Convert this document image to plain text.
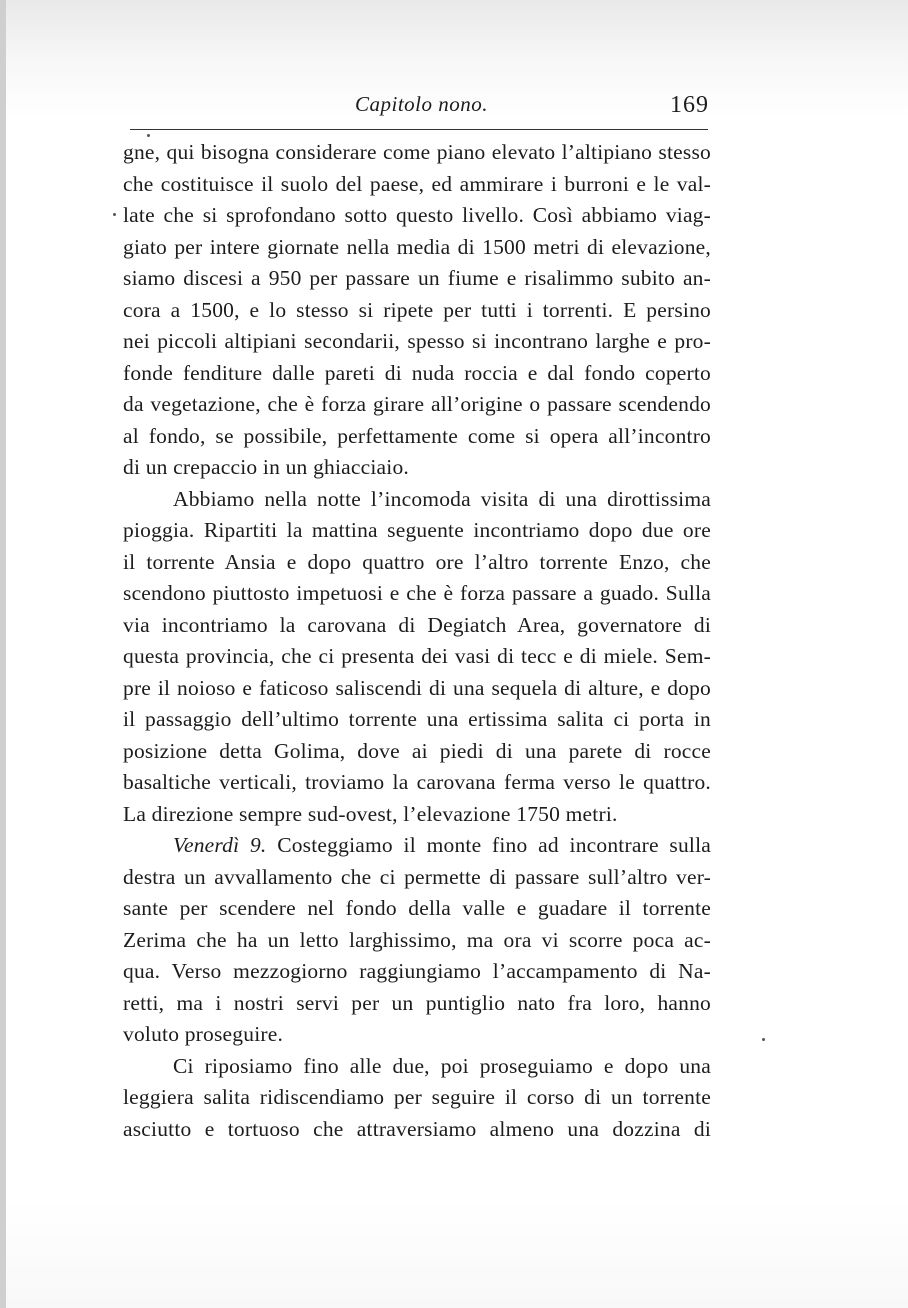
Capitolo nono.	169
gne, qui bisogna considerare come piano elevato l’altipiano stesso
che costituisce il suolo del paese, ed ammirare i burroni e le val-
late che si sprofondano sotto questo livello. Così abbiamo viag-
giato per intere giornate nella media di 1500 metri di elevazione,
siamo discesi a 950 per passare un fiume e risalimmo subito an-
cora a 1500, e lo stesso si ripete per tutti i torrenti. E persino
nei piccoli altipiani secondarii, spesso si incontrano larghe e pro-
fonde fenditure dalle pareti di nuda roccia e dal fondo coperto
da vegetazione, che è forza girare all’origine o passare scendendo
al fondo, se possibile, perfettamente come si opera all’incontro
di un crepaccio in un ghiacciaio.
Abbiamo nella notte l’incomoda visita di una dirottissima
pioggia. Ripartiti la mattina seguente incontriamo dopo due ore
il torrente Ansia e dopo quattro ore l’altro torrente Enzo, che
scendono piuttosto impetuosi e che è forza passare a guado. Sulla
via incontriamo la carovana di Degiatch Area, governatore di
questa provincia, che ci presenta dei vasi di tecc e di miele. Sem-
pre il noioso e faticoso saliscendi di una sequela di alture, e dopo
il passaggio dell’ultimo torrente una ertissima salita ci porta in
posizione detta Golima, dove ai piedi di una parete di rocce
basaltiche verticali, troviamo la carovana ferma verso le quattro.
La direzione sempre sud-ovest, l’elevazione 1750 metri.
Venerdì 9. Costeggiamo il monte fino ad incontrare sulla
destra un avvallamento che ci permette di passare sull’altro ver-
sante per scendere nel fondo della valle e guadare il torrente
Zerima che ha un letto larghissimo, ma ora vi scorre poca ac-
qua. Verso mezzogiorno raggiungiamo l’accampamento di Na-
retti, ma i nostri servi per un puntiglio nato fra loro, hanno
voluto proseguire.
Ci riposiamo fino alle due, poi proseguiamo e dopo una
leggiera salita ridiscendiamo per seguire il corso di un torrente
asciutto e tortuoso che attraversiamo almeno una dozzina di
